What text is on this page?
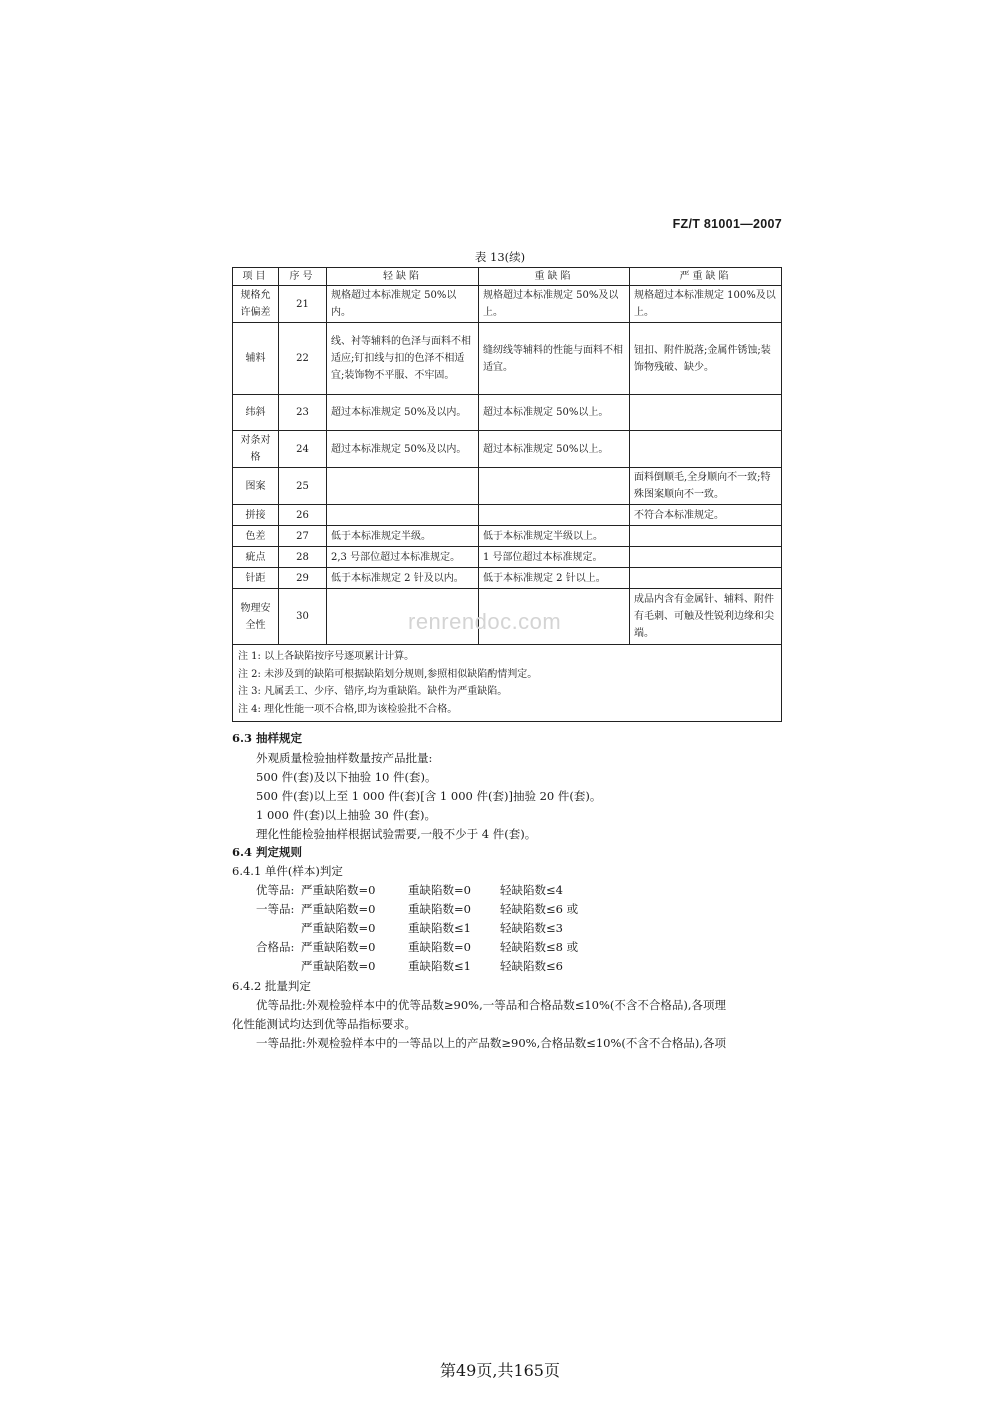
FZ/T 81001—2007
表 13(续)
项目	序号	轻缺陷	重缺陷	严重缺陷
规格允许偏差	21	规格超过本标准规定 50%以内。	规格超过本标准规定 50%及以上。	规格超过本标准规定 100%及以上。
辅料	22	线、衬等辅料的色泽与面料不相适应;钉扣线与扣的色泽不相适宜;装饰物不平服、不牢固。	缝纫线等辅料的性能与面料不相适宜。	钮扣、附件脱落;金属件锈蚀;装饰物残破、缺少。
纬斜	23	超过本标准规定 50%及以内。	超过本标准规定 50%以上。	
对条对格	24	超过本标准规定 50%及以内。	超过本标准规定 50%以上。	
图案	25			面料倒顺毛,全身顺向不一致;特殊图案顺向不一致。
拼接	26			不符合本标准规定。
色差	27	低于本标准规定半级。	低于本标准规定半级以上。	
疵点	28	2,3 号部位超过本标准规定。	1 号部位超过本标准规定。	
针距	29	低于本标准规定 2 针及以内。	低于本标准规定 2 针以上。	
物理安全性	30			成品内含有金属针、辅料、附件有毛刺、可触及性锐利边缘和尖端。

注 1: 以上各缺陷按序号逐项累计计算。
注 2: 未涉及到的缺陷可根据缺陷划分规则,参照相似缺陷酌情判定。
注 3: 凡属丢工、少序、错序,均为重缺陷。缺件为严重缺陷。
注 4: 理化性能一项不合格,即为该检验批不合格。				
renrendoc.com
6.3 抽样规定
外观质量检验抽样数量按产品批量:
500 件(套)及以下抽验 10 件(套)。
500 件(套)以上至 1 000 件(套)[含 1 000 件(套)]抽验 20 件(套)。
1 000 件(套)以上抽验 30 件(套)。
理化性能检验抽样根据试验需要,一般不少于 4 件(套)。
6.4 判定规则
6.4.1 单件(样本)判定
优等品: 严重缺陷数=0	重缺陷数=0	轻缺陷数≤4
一等品: 严重缺陷数=0	重缺陷数=0	轻缺陷数≤6 或
严重缺陷数=0	重缺陷数≤1	轻缺陷数≤3
合格品: 严重缺陷数=0	重缺陷数=0	轻缺陷数≤8 或
严重缺陷数=0	重缺陷数≤1	轻缺陷数≤6
6.4.2 批量判定
优等品批:外观检验样本中的优等品数≥90%,一等品和合格品数≤10%(不含不合格品),各项理
化性能测试均达到优等品指标要求。
一等品批:外观检验样本中的一等品以上的产品数≥90%,合格品数≤10%(不含不合格品),各项
第49页,共165页
